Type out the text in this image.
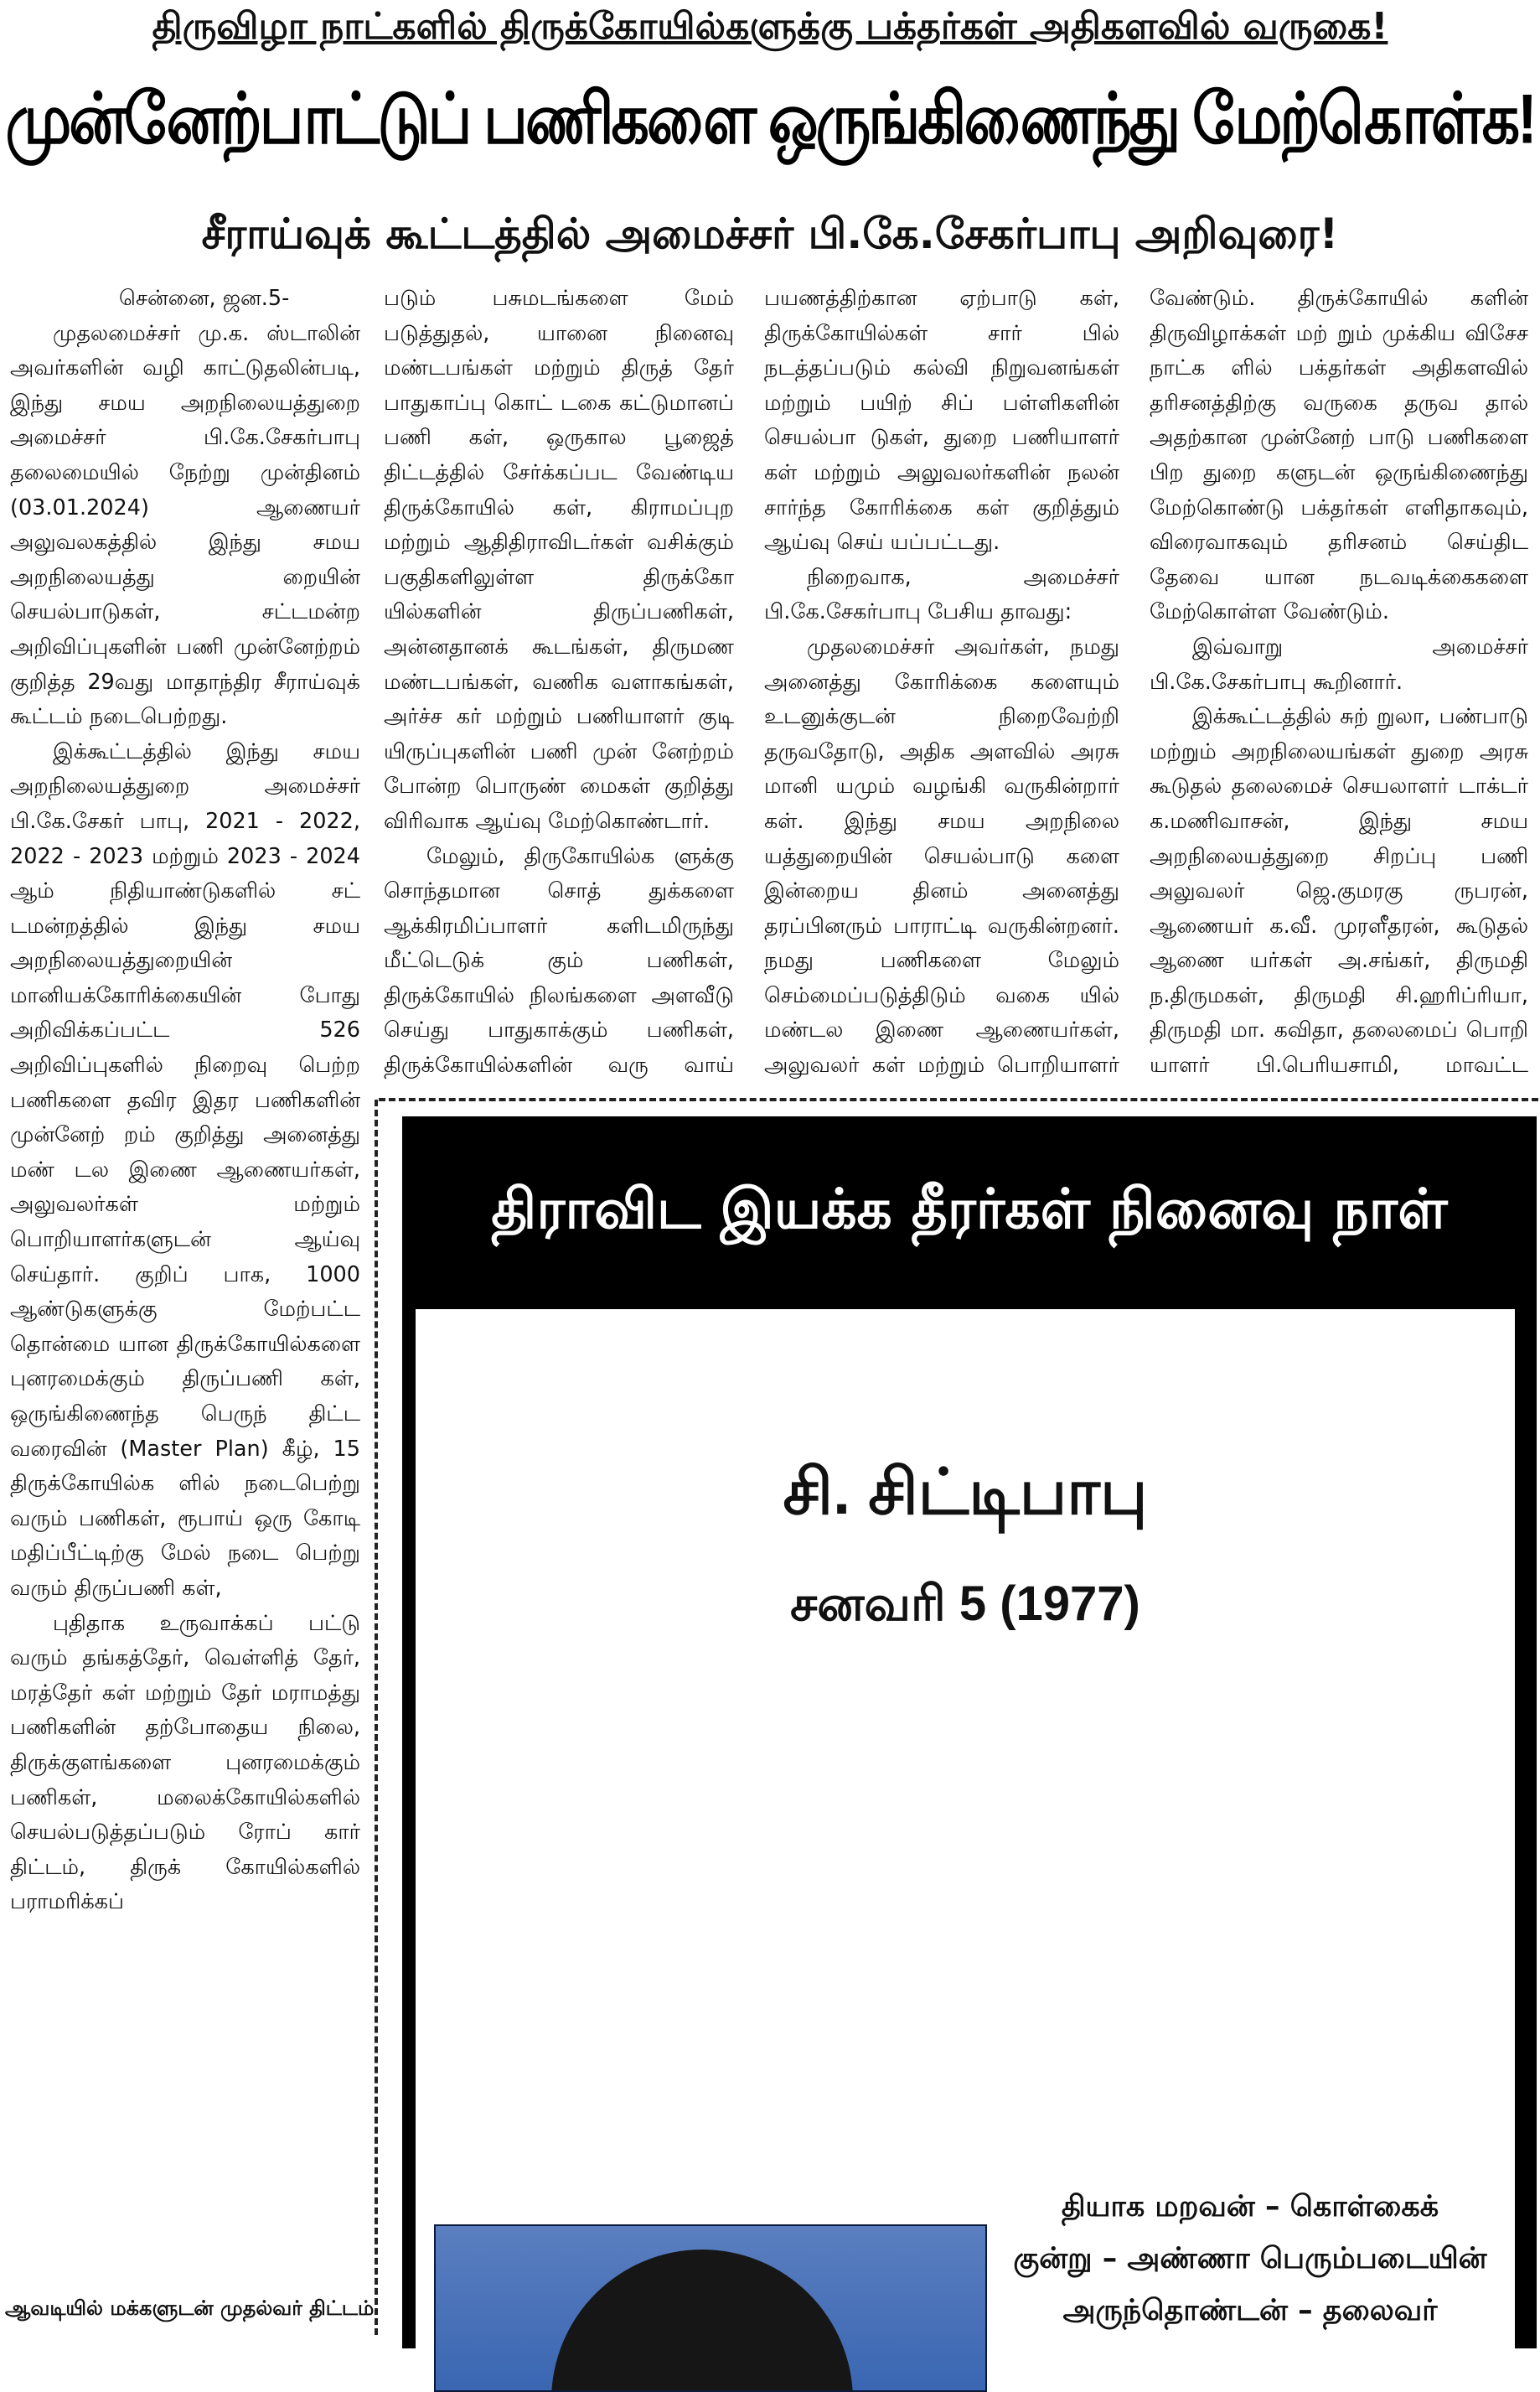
திருவிழா நாட்களில் திருக்கோயில்களுக்கு பக்தர்கள் அதிகளவில் வருகை!
முன்னேற்பாட்டுப் பணிகளை ஒருங்கிணைந்து மேற்கொள்க!
சீராய்வுக் கூட்டத்தில் அமைச்சர் பி.கே.சேகர்பாபு அறிவுரை!

சென்னை, ஜன.5-

முதலமைச்சர் மு.க. ஸ்டாலின் அவர்களின் வழி காட்டுதலின்படி, இந்து சமய அறநிலையத்துறை அமைச்சர் பி.கே.சேகர்பாபு தலைமையில் நேற்று முன்தினம் (03.01.2024) ஆணையர் அலுவலகத்தில் இந்து சமய அறநிலையத்து றையின் செயல்பாடுகள், சட்டமன்ற அறிவிப்புகளின் பணி முன்னேற்றம் குறித்த 29வது மாதாந்திர சீராய்வுக் கூட்டம் நடைபெற்றது.

இக்கூட்டத்தில் இந்து சமய அறநிலையத்துறை அமைச்சர் பி.கே.சேகர் பாபு, 2021 - 2022, 2022 - 2023 மற்றும் 2023 - 2024 ஆம் நிதியாண்டுகளில் சட் டமன்றத்தில் இந்து சமய அறநிலையத்துறையின் மானியக்கோரிக்கையின் போது அறிவிக்கப்பட்ட 526 அறிவிப்புகளில் நிறைவு பெற்ற பணிகளை தவிர இதர பணிகளின் முன்னேற் றம் குறித்து அனைத்து மண் டல இணை ஆணையர்கள், அலுவலர்கள் மற்றும் பொறியாளர்களுடன் ஆய்வு செய்தார். குறிப் பாக, 1000 ஆண்டுகளுக்கு மேற்பட்ட தொன்மை யான திருக்கோயில்களை புனரமைக்கும் திருப்பணி கள், ஒருங்கிணைந்த பெருந் திட்ட வரைவின் (Master Plan) கீழ், 15 திருக்கோயில்க ளில் நடைபெற்று வரும் பணிகள், ரூபாய் ஒரு கோடி மதிப்பீட்டிற்கு மேல் நடை பெற்று வரும் திருப்பணி கள்,

புதிதாக உருவாக்கப் பட்டு வரும் தங்கத்தேர், வெள்ளித் தேர், மரத்தேர் கள் மற்றும் தேர் மராமத்து பணிகளின் தற்போதைய நிலை, திருக்குளங்களை புனரமைக்கும் பணிகள், மலைக்கோயில்களில் செயல்படுத்தப்படும் ரோப் கார் திட்டம், திருக் கோயில்களில் பராமரிக்கப்

படும் பசுமடங்களை மேம் படுத்துதல், யானை நினைவு மண்டபங்கள் மற்றும் திருத் தேர் பாதுகாப்பு கொட் டகை கட்டுமானப் பணி கள், ஒருகால பூஜைத் திட்டத்தில் சேர்க்கப்பட வேண்டிய திருக்கோயில் கள், கிராமப்புற மற்றும் ஆதிதிராவிடர்கள் வசிக்கும் பகுதிகளிலுள்ள திருக்கோ யில்களின் திருப்பணிகள், அன்னதானக் கூடங்கள், திருமண மண்டபங்கள், வணிக வளாகங்கள், அர்ச்ச கர் மற்றும் பணியாளர் குடி யிருப்புகளின் பணி முன் னேற்றம் போன்ற பொருண் மைகள் குறித்து விரிவாக ஆய்வு மேற்கொண்டார்.

மேலும், திருகோயில்க ளுக்கு சொந்தமான சொத் துக்களை ஆக்கிரமிப்பாளர் களிடமிருந்து மீட்டெடுக் கும் பணிகள், திருக்கோயில் நிலங்களை அளவீடு செய்து பாதுகாக்கும் பணிகள், திருக்கோயில்களின் வரு வாய்

பயணத்திற்கான ஏற்பாடு கள், திருக்கோயில்கள் சார் பில் நடத்தப்படும் கல்வி நிறுவனங்கள் மற்றும் பயிற் சிப் பள்ளிகளின் செயல்பா டுகள், துறை பணியாளர் கள் மற்றும் அலுவலர்களின் நலன் சார்ந்த கோரிக்கை கள் குறித்தும் ஆய்வு செய் யப்பட்டது.

நிறைவாக, அமைச்சர் பி.கே.சேகர்பாபு பேசிய தாவது:

முதலமைச்சர் அவர்கள், நமது அனைத்து கோரிக்கை களையும் உடனுக்குடன் நிறைவேற்றி தருவதோடு, அதிக அளவில் அரசு மானி யமும் வழங்கி வருகின்றார் கள். இந்து சமய அறநிலை யத்துறையின் செயல்பாடு களை இன்றைய தினம் அனைத்து தரப்பினரும் பாராட்டி வருகின்றனர். நமது பணிகளை மேலும் செம்மைப்படுத்திடும் வகை யில் மண்டல இணை ஆணையர்கள், அலுவலர் கள் மற்றும் பொறியாளர்

வேண்டும். திருக்கோயில் களின் திருவிழாக்கள் மற் றும் முக்கிய விசேச நாட்க ளில் பக்தர்கள் அதிகளவில் தரிசனத்திற்கு வருகை தருவ தால் அதற்கான முன்னேற் பாடு பணிகளை பிற துறை களுடன் ஒருங்கிணைந்து மேற்கொண்டு பக்தர்கள் எளிதாகவும், விரைவாகவும் தரிசனம் செய்திட தேவை யான நடவடிக்கைகளை மேற்கொள்ள வேண்டும்.

இவ்வாறு அமைச்சர் பி.கே.சேகர்பாபு கூறினார்.

இக்கூட்டத்தில் சுற் றுலா, பண்பாடு மற்றும் அறநிலையங்கள் துறை அரசு கூடுதல் தலைமைச் செயலாளர் டாக்டர் க.மணிவாசன், இந்து சமய அறநிலையத்துறை சிறப்பு பணி அலுவலர் ஜெ.குமரகு ருபரன், ஆணையர் க.வீ. முரளீதரன், கூடுதல் ஆணை யர்கள் அ.சங்கர், திருமதி ந.திருமகள், திருமதி சி.ஹரிப்ரியா, திருமதி மா. கவிதா, தலைமைப் பொறி யாளர் பி.பெரியசாமி, மாவட்ட

திராவிட இயக்க தீரர்கள் நினைவு நாள்
சி. சிட்டிபாபு
சனவரி 5 (1977)
தியாக மறவன் – கொள்கைக்
குன்று – அண்ணா பெரும்படையின்
அருந்தொண்டன் – தலைவர்
ஆவடியில் மக்களுடன் முதல்வர் திட்டம்
